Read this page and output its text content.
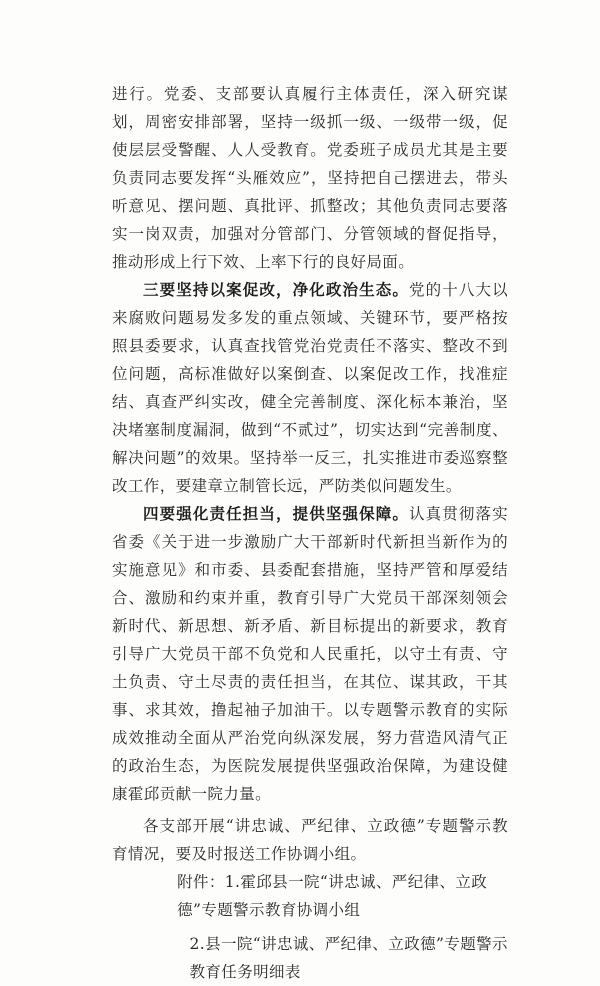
进行。党委、支部要认真履行主体责任，深入研究谋划，周密安排部署，坚持一级抓一级、一级带一级，促使层层受警醒、人人受教育。党委班子成员尤其是主要负责同志要发挥“头雁效应”，坚持把自己摆进去，带头听意见、摆问题、真批评、抓整改；其他负责同志要落实一岗双责，加强对分管部门、分管领域的督促指导，推动形成上行下效、上率下行的良好局面。

三要坚持以案促改，净化政治生态。党的十八大以来腐败问题易发多发的重点领域、关键环节，要严格按照县委要求，认真查找管党治党责任不落实、整改不到位问题，高标准做好以案倒查、以案促改工作，找准症结、真查严纠实改，健全完善制度、深化标本兼治，坚决堵塞制度漏洞，做到“不贰过”，切实达到“完善制度、解决问题”的效果。坚持举一反三，扎实推进市委巡察整改工作，要建章立制管长远，严防类似问题发生。

四要强化责任担当，提供坚强保障。认真贯彻落实省委《关于进一步激励广大干部新时代新担当新作为的实施意见》和市委、县委配套措施，坚持严管和厚爱结合、激励和约束并重，教育引导广大党员干部深刻领会新时代、新思想、新矛盾、新目标提出的新要求，教育引导广大党员干部不负党和人民重托，以守土有责、守土负责、守土尽责的责任担当，在其位、谋其政，干其事、求其效，撸起袖子加油干。以专题警示教育的实际成效推动全面从严治党向纵深发展，努力营造风清气正的政治生态，为医院发展提供坚强政治保障，为建设健康霍邱贡献一院力量。

各支部开展“讲忠诚、严纪律、立政德”专题警示教育情况，要及时报送工作协调小组。

附件：1.霍邱县一院“讲忠诚、严纪律、立政德”专题警示教育协调小组

2.县一院“讲忠诚、严纪律、立政德”专题警示教育任务明细表
